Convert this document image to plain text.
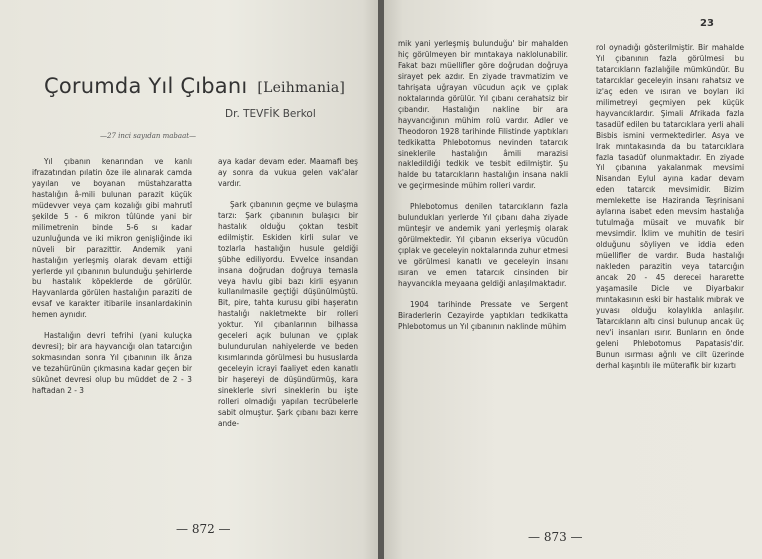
Çorumda Yıl Çıbanı [Leihmania]
Dr. TEVFİK Berkol
—27 inci sayıdan mabaat—

Yıl çıbanın kenarından ve kanlı ifrazatından pılatin öze ile alınarak camda yayılan ve boyanan müstahzaratta hastalığın â-mili bulunan parazit küçük müdevver veya çam kozalığı gibi mahrutî şekilde 5 - 6 mikron tûlünde yani bir milimetrenin binde 5-6 sı kadar uzunluğunda ve iki mikron genişliğinde iki nüveli bir parazittir. Andemik yani hastalığın yerleşmiş olarak devam ettiği yerlerde yıl çıbanının bulunduğu şehirlerde bu hastalık köpeklerde de görülür. Hayvanlarda görülen hastalığın paraziti de evsaf ve karakter itibarile insanlardakinin hemen aynıdır.

Hastalığın devri tefrihi (yani kuluçka devresi); bir ara hayvancığı olan tatarcığın sokmasından sonra Yıl çıbanının ilk ârıza ve tezahürünün çıkmasına kadar geçen bir sükûnet devresi olup bu müddet de 2 - 3 haftadan 2 - 3

aya kadar devam eder. Maamafi beş ay sonra da vukua gelen vak'alar vardır.

Şark çıbanının geçme ve bulaşma tarzı: Şark çıbanının bulaşıcı bir hastalık olduğu çoktan tesbit edilmiştir. Eskiden kirli sular ve tozlarla hastalığın husule geldiği şübhe ediliyordu. Evvelce insandan insana doğrudan doğruya temasla veya havlu gibi bazı kirli eşyanın kullanılmasile geçtiği düşünülmüştü. Bit, pire, tahta kurusu gibi haşeratın hastalığı nakletmekte bir rolleri yoktur. Yıl çıbanlarının bilhassa geceleri açık bulunan ve çıplak bulundurulan nahiyelerde ve beden kısımlarında görülmesi bu hususlarda geceleyin icrayi faaliyet eden kanatlı bir haşereyi de düşündürmüş, kara sineklerle sivri sineklerin bu işte rolleri olmadığı yapılan tecrübelerle sabit olmuştur. Şark çıbanı bazı kerre ande-

— 872 —
23

mik yani yerleşmiş bulunduğu' bir mahalden hiç görülmeyen bir mıntakaya naklolunabilir. Fakat bazı müellifler göre doğrudan doğruya sirayet pek azdır. En ziyade travmatizim ve tahrişata uğrayan vücudun açık ve çıplak noktalarında görülür. Yıl çıbanı cerahatsiz bir çıbandır. Hastalığın nakline bir ara hayvancığının mühim rolü vardır. Adler ve Theodoron 1928 tarihinde Filistinde yaptıkları tedkikatta Phlebotomus nevinden tatarcık sineklerile hastalığın âmili marazisi nakledildiği tedkik ve tesbit edilmiştir. Şu halde bu tatarcıkların hastalığın insana nakli ve geçirmesinde mühim rolleri vardır.

Phlebotomus denilen tatarcıkların fazla bulundukları yerlerde Yıl çıbanı daha ziyade münteşir ve andemik yani yerleşmiş olarak görülmektedir. Yıl çıbanın ekseriya vücudün çıplak ve geceleyin noktalarında zuhur etmesi ve görülmesi kanatlı ve geceleyin insanı ısıran ve emen tatarcık cinsinden bir hayvancıkla meyaana geldiği anlaşılmaktadır.

1904 tarihinde Pressate ve Sergent Biraderlerin Cezayirde yaptıkları tedkikatta Phlebotomus un Yıl çıbanının naklinde mühim

rol oynadığı gösterilmiştir. Bir mahalde Yıl çıbanının fazla görülmesi bu tatarcıkların fazlalığile mümkündür. Bu tatarcıklar geceleyin insanı rahatsız ve iz'aç eden ve ısıran ve boyları iki milimetreyi geçmiyen pek küçük hayvancıklardır. Şimali Afrikada fazla tasadüf edilen bu tatarcıklara yerli ahali Bisbis ismini vermektedirler. Asya ve Irak mıntakasında da bu tatarcıklara fazla tasadüf olunmaktadır. En ziyade Yıl çıbanına yakalanmak mevsimi Nisandan Eylul ayına kadar devam eden tatarcık mevsimidir. Bizim memlekette ise Haziranda Teşrinisani aylarına isabet eden mevsim hastalığa tutulmağa müsait ve muvafık bir mevsimdir. İklim ve muhitin de tesiri olduğunu söyliyen ve iddia eden müellifler de vardır. Buda hastalığı nakleden parazitin veya tatarcığın ancak 20 - 45 derecei hararette yaşamasile Dicle ve Diyarbakır mıntakasının eski bir hastalık mıbrak ve yuvası olduğu kolaylıkla anlaşılır. Tatarcıkların altı cinsi bulunup ancak üç nev'i insanları ısırır. Bunların en önde geleni Phlebotomus Papatasis'dir. Bunun ısırması ağrılı ve cilt üzerinde derhal kaşıntılı ile müterafik bir kızartı

— 873 —
